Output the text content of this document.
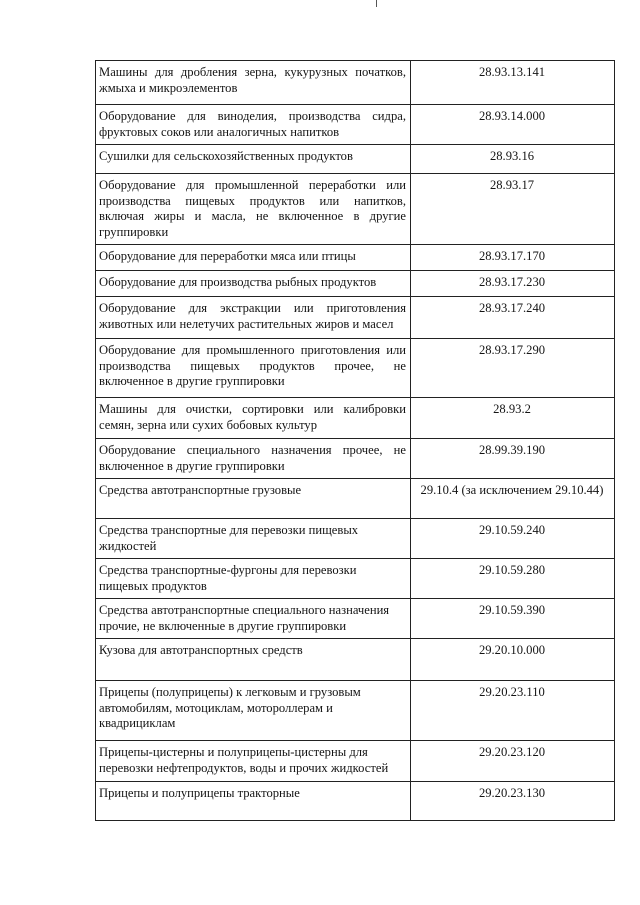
Машины для дробления зерна, кукурузных початков, жмыха и микроэлементов	28.93.13.141
Оборудование для виноделия, производства сидра, фруктовых соков или аналогичных напитков	28.93.14.000
Сушилки для сельскохозяйственных продуктов	28.93.16
Оборудование для промышленной переработки или производства пищевых продуктов или напитков, включая жиры и масла, не включенное в другие группировки	28.93.17
Оборудование для переработки мяса или птицы	28.93.17.170
Оборудование для производства рыбных продуктов	28.93.17.230
Оборудование для экстракции или приготовления животных или нелетучих растительных жиров и масел	28.93.17.240
Оборудование для промышленного приготовления или производства пищевых продуктов прочее, не включенное в другие группировки	28.93.17.290
Машины для очистки, сортировки или калибровки семян, зерна или сухих бобовых культур	28.93.2
Оборудование специального назначения прочее, не включенное в другие группировки	28.99.39.190
Средства автотранспортные грузовые	29.10.4 (за исключением 29.10.44)
Средства транспортные для перевозки пищевых жидкостей	29.10.59.240
Средства транспортные-фургоны для перевозки пищевых продуктов	29.10.59.280
Средства автотранспортные специального назначения прочие, не включенные в другие группировки	29.10.59.390
Кузова для автотранспортных средств	29.20.10.000
Прицепы (полуприцепы) к легковым и грузовым автомобилям, мотоциклам, мотороллерам и квадрициклам	29.20.23.110
Прицепы-цистерны и полуприцепы-цистерны для перевозки нефтепродуктов, воды и прочих жидкостей	29.20.23.120
Прицепы и полуприцепы тракторные	29.20.23.130
